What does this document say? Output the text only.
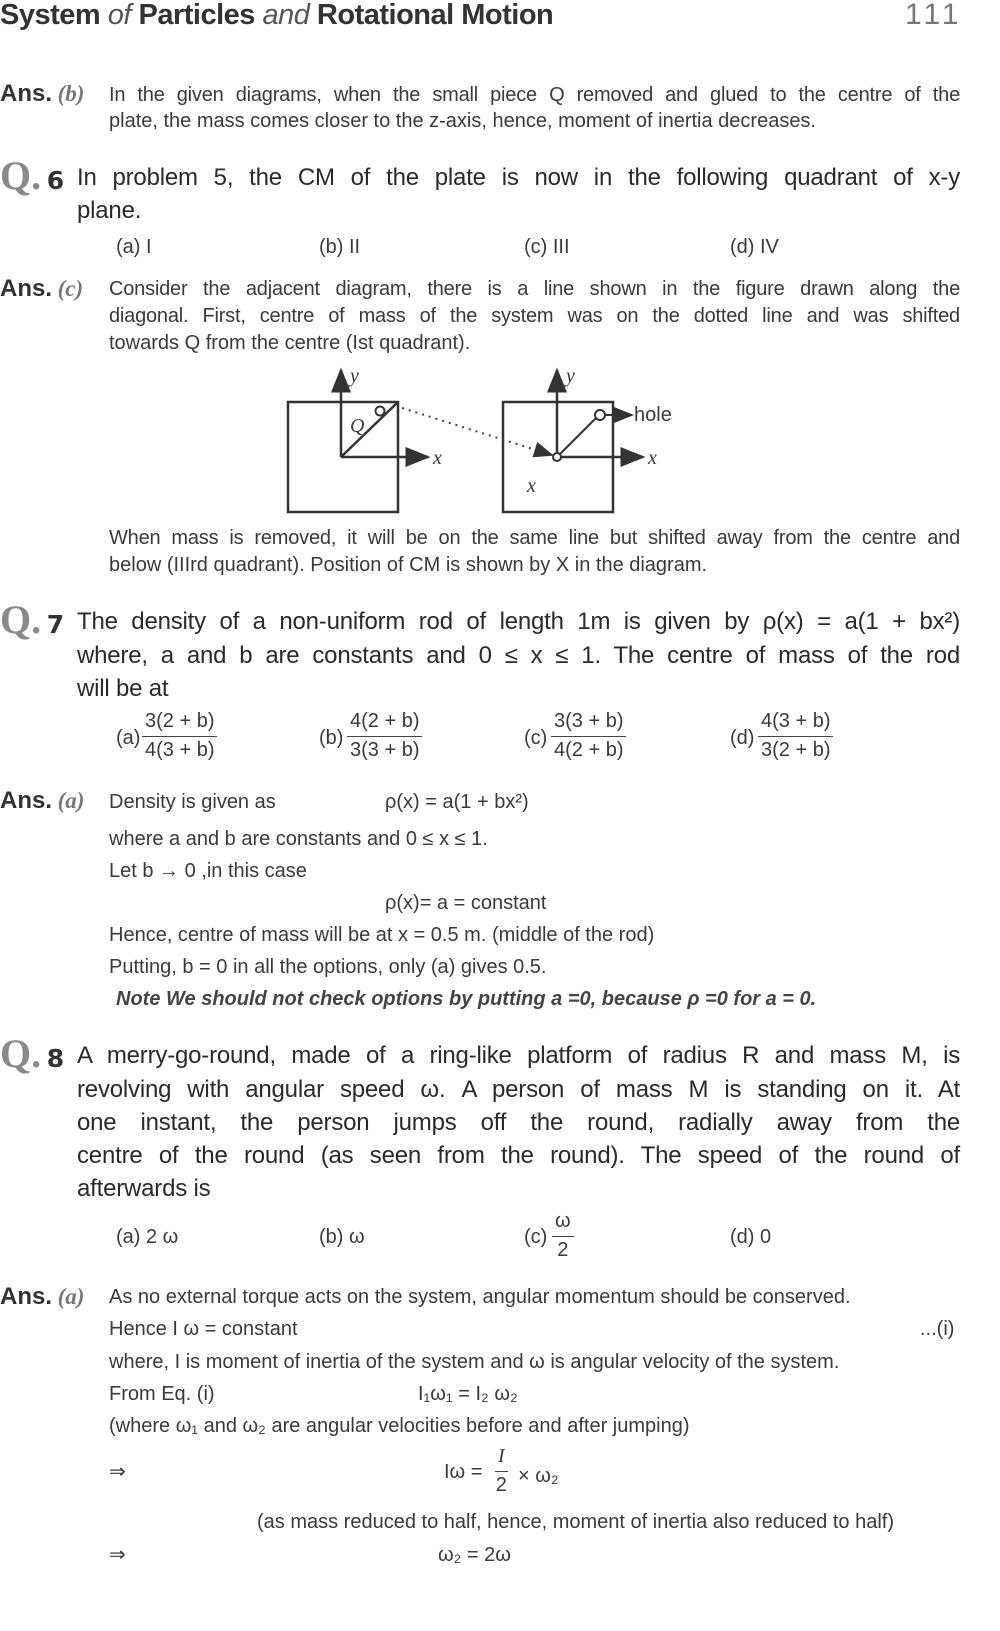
System of Particles and Rotational Motion	111
Ans. (b) In the given diagrams, when the small piece Q removed and glued to the centre of the
plate, the mass comes closer to the z-axis, hence, moment of inertia decreases.
Q. 6 In problem 5, the CM of the plate is now in the following quadrant of x-y
plane.
(a) I	(b) II	(c) III	(d) IV
Ans. (c) Consider the adjacent diagram, there is a line shown in the figure drawn along the
diagonal. First, centre of mass of the system was on the dotted line and was shifted
towards Q from the centre (Ist quadrant).
y
x
Q
y
x
hole
x
When mass is removed, it will be on the same line but shifted away from the centre and
below (IIIrd quadrant). Position of CM is shown by X in the diagram.
Q. 7 The density of a non-uniform rod of length 1m is given by ρ(x) = a(1 + bx²)
where, a and b are constants and 0 ≤ x ≤ 1. The centre of mass of the rod
will be at
$(a) \frac{3(2 + b)}{4(3 + b)}$	$(b) \frac{4(2 + b)}{3(3 + b)}$	$(c) \frac{3(3 + b)}{4(2 + b)}$	$(d) \frac{4(3 + b)}{3(2 + b)}$
Ans. (a) Density is given as	ρ(x) = a(1 + bx²)
where a and b are constants and 0 ≤ x ≤ 1.
Let b → 0 ,in this case
ρ(x)= a = constant
Hence, centre of mass will be at x = 0.5 m. (middle of the rod)
Putting, b = 0 in all the options, only (a) gives 0.5.
Note We should not check options by putting a =0, because ρ =0 for a = 0.
Q. 8 A merry-go-round, made of a ring-like platform of radius R and mass M, is
revolving with angular speed ω. A person of mass M is standing on it. At
one instant, the person jumps off the round, radially away from the
centre of the round (as seen from the round). The speed of the round of
afterwards is
(a) 2 ω	(b) ω	$(c) \frac{\omega}{2}$	(d) 0
Ans. (a) As no external torque acts on the system, angular momentum should be conserved.
Hence I ω = constant	...(i)
where, I is moment of inertia of the system and ω is angular velocity of the system.
From Eq. (i)	I₁ω₁ = I₂ ω₂
(where ω₁ and ω₂ are angular velocities before and after jumping)
⇒	$I\omega = \frac{I}{2} \times \omega_2$
(as mass reduced to half, hence, moment of inertia also reduced to half)
⇒	ω₂ = 2ω
